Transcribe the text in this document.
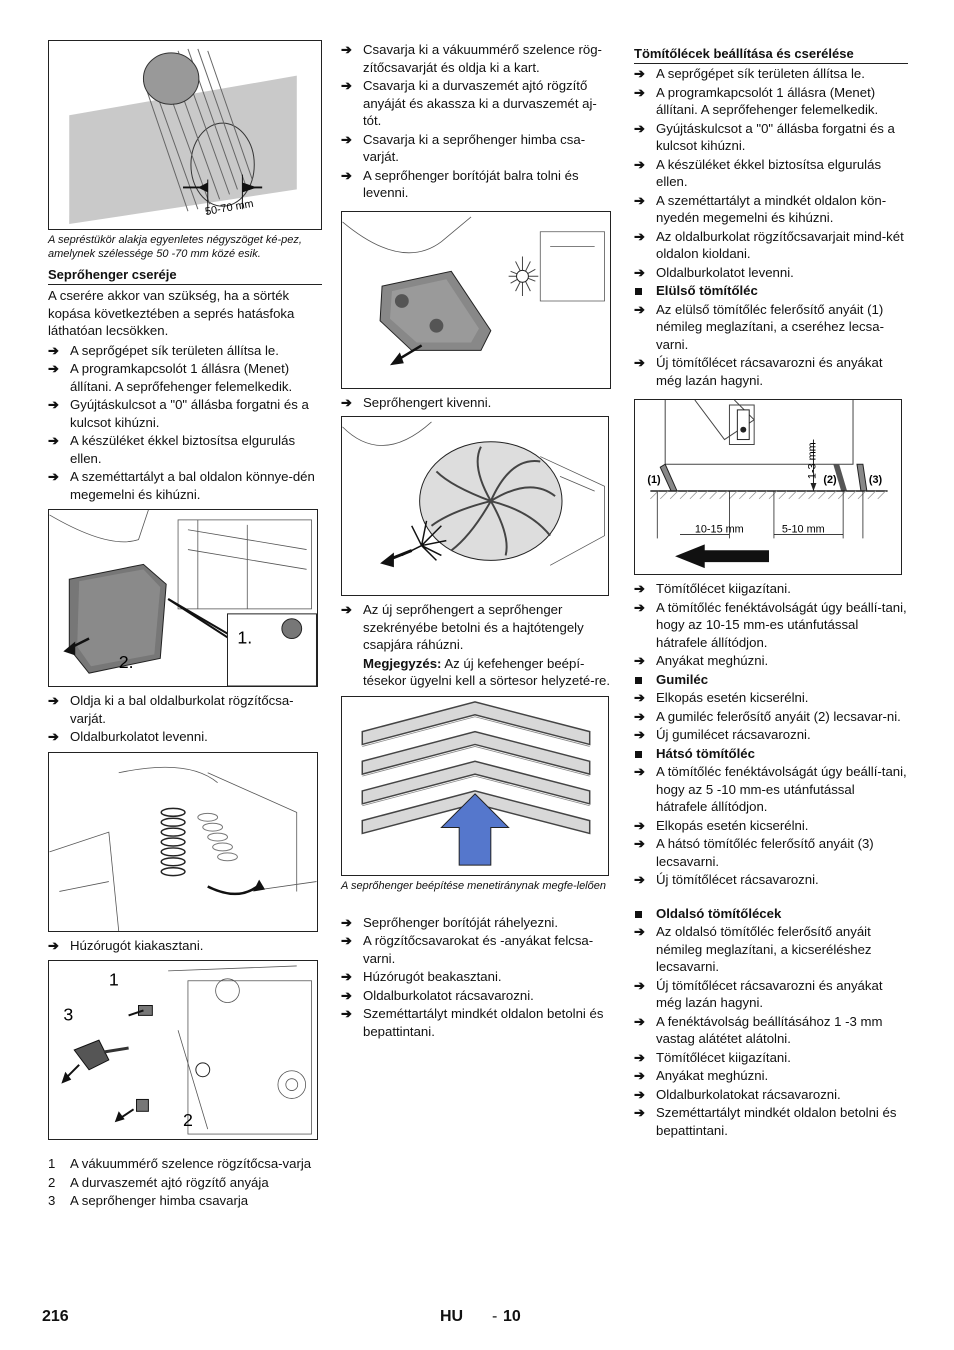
50-70 mm
A sepréstükör alakja egyenletes négyszöget ké-pez, amelynek szélessége 50 -70 mm közé esik.
Seprőhenger cseréje
A cserére akkor van szükség, ha a sörték kopása következtében a seprés hatásfoka láthatóan lecsökken.
➔ A seprőgépet sík területen állítsa le.
➔ A programkapcsolót 1 állásra (Menet) állítani. A seprőfehenger felemelkedik.
➔ Gyújtáskulcsot a "0" állásba forgatni és a kulcsot kihúzni.
➔ A készüléket ékkel biztosítsa elgurulás ellen.
➔ A szeméttartályt a bal oldalon könnye-dén megemelni és kihúzni.
1.
2.
➔ Oldja ki a bal oldalburkolat rögzítőcsa-varját.
➔ Oldalburkolatot levenni.
➔ Húzórugót kiakasztani.
1
2
3
1	A vákuummérő szelence rögzítőcsa-varja
2	A durvaszemét ajtó rögzítő anyája
3	A seprőhenger himba csavarja
➔ Csavarja ki a vákuummérő szelence rög-zítőcsavarját és oldja ki a kart.
➔ Csavarja ki a durvaszemét ajtó rögzítő anyáját és akassza ki a durvaszemét aj-tót.
➔ Csavarja ki a seprőhenger himba csa-varját.
➔ A seprőhenger borítóját balra tolni és levenni.
➔ Seprőhengert kivenni.
➔ Az új seprőhengert a seprőhenger szekrényébe betolni és a hajtótengely csapjára ráhúzni.
Megjegyzés: Az új kefehenger beépí-tésekor ügyelni kell a sörtesor helyzeté-re.
A seprőhenger beépítése menetiránynak megfe-lelően
➔ Seprőhenger borítóját ráhelyezni.
➔ A rögzítőcsavarokat és -anyákat felcsa-varni.
➔ Húzórugót beakasztani.
➔ Oldalburkolatot rácsavarozni.
➔ Szeméttartályt mindkét oldalon betolni és bepattintani.
Tömítőlécek beállítása és cserélése
➔ A seprőgépet sík területen állítsa le.
➔ A programkapcsolót 1 állásra (Menet) állítani. A seprőfehenger felemelkedik.
➔ Gyújtáskulcsot a "0" állásba forgatni és a kulcsot kihúzni.
➔ A készüléket ékkel biztosítsa elgurulás ellen.
➔ A szeméttartályt a mindkét oldalon kön-nyedén megemelni és kihúzni.
➔ Az oldalburkolat rögzítőcsavarjait mind-két oldalon kioldani.
➔ Oldalburkolatot levenni.
Elülső tömítőléc
➔ Az elülső tömítőléc felerősítő anyáit (1) némileg meglazítani, a cseréhez lecsa-varni.
➔ Új tömítőlécet rácsavarozni és anyákat még lazán hagyni.
(1)	(2)	(3)
10-15 mm	5-10 mm
1-3 mm
➔ Tömítőlécet kiigazítani.
➔ A tömítőléc fenéktávolságát úgy beállí-tani, hogy az 10-15 mm-es utánfutással hátrafele állítódjon.
➔ Anyákat meghúzni.
Gumiléc
➔ Elkopás esetén kicserélni.
➔ A gumiléc felerősítő anyáit (2) lecsavar-ni.
➔ Új gumilécet rácsavarozni.
Hátsó tömítőléc
➔ A tömítőléc fenéktávolságát úgy beállí-tani, hogy az 5 -10 mm-es utánfutással hátrafele állítódjon.
➔ Elkopás esetén kicserélni.
➔ A hátsó tömítőléc felerősítő anyáit (3) lecsavarni.
➔ Új tömítőlécet rácsavarozni.
Oldalsó tömítőlécek
➔ Az oldalsó tömítőléc felerősítő anyáit némileg meglazítani, a kicseréléshez lecsavarni.
➔ Új tömítőlécet rácsavarozni és anyákat még lazán hagyni.
➔ A fenéktávolság beállításához 1 -3 mm vastag alátétet alátolni.
➔ Tömítőlécet kiigazítani.
➔ Anyákat meghúzni.
➔ Oldalburkolatokat rácsavarozni.
➔ Szeméttartályt mindkét oldalon betolni és bepattintani.
216	HU - 10
